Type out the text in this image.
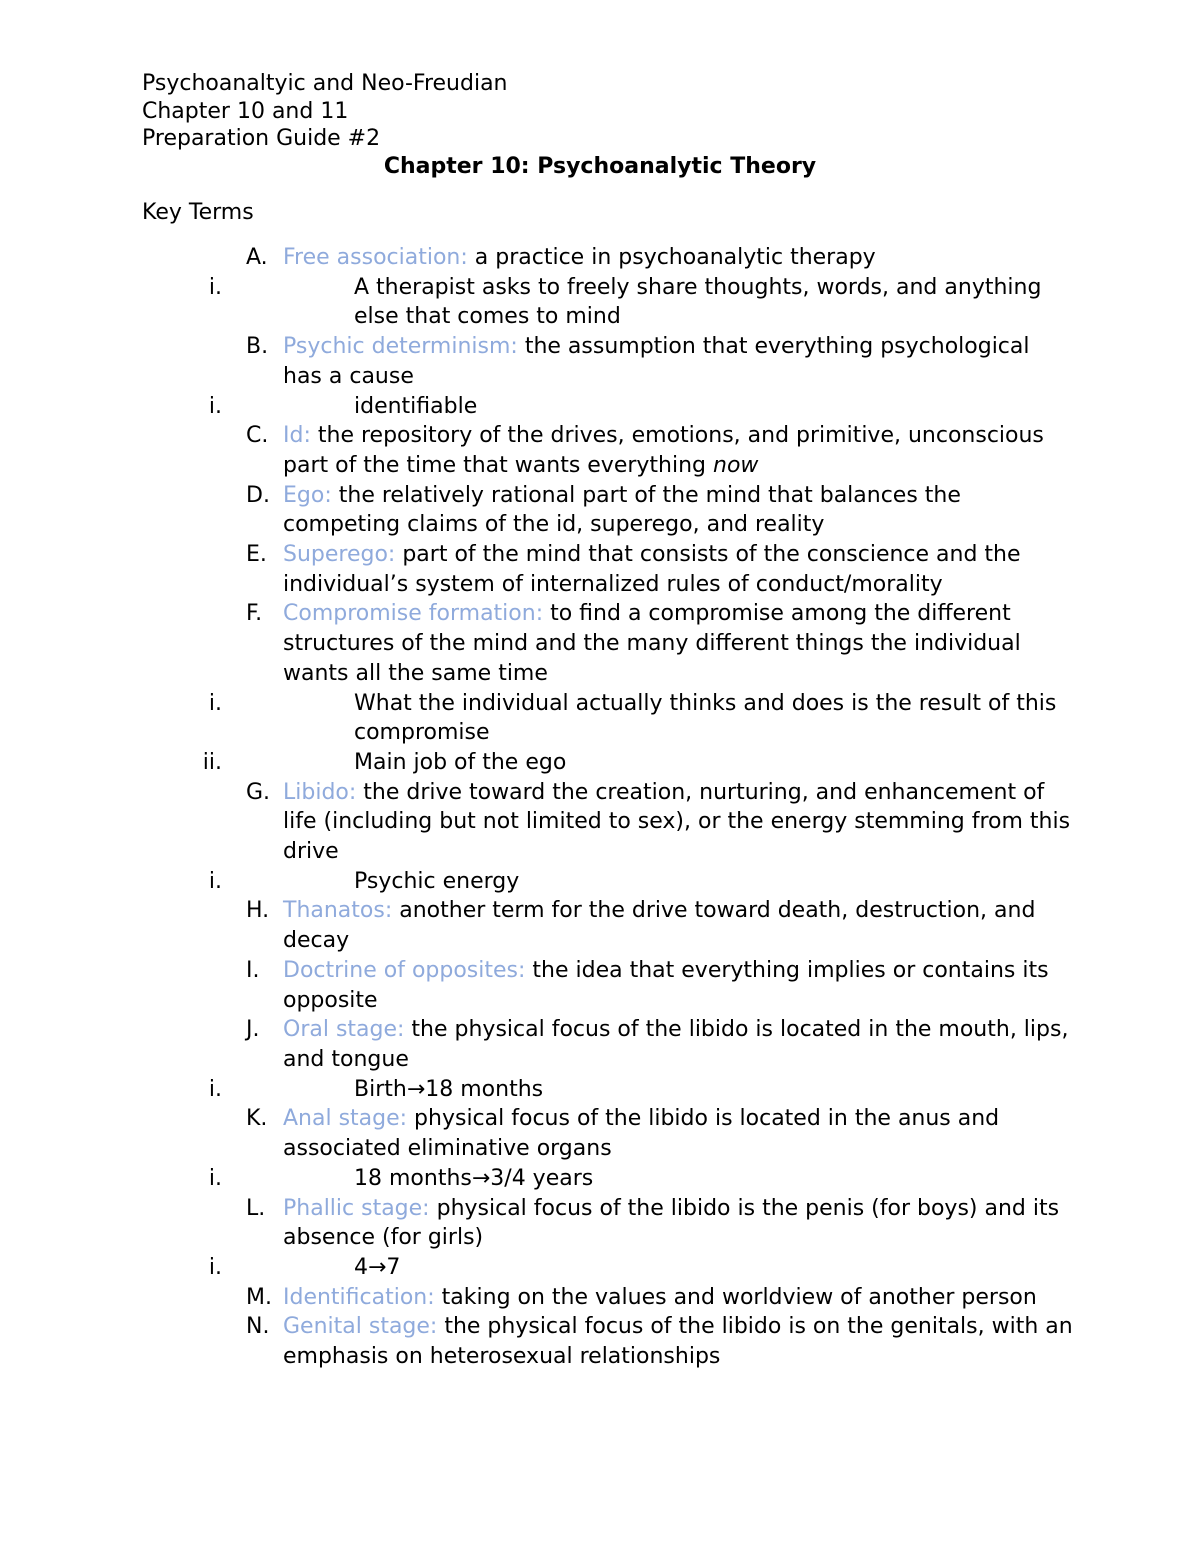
Psychoanaltyic and Neo-Freudian
Chapter 10 and 11
Preparation Guide #2
Chapter 10: Psychoanalytic Theory
Key Terms
A. Free association: a practice in psychoanalytic therapy
i.	A therapist asks to freely share thoughts, words, and anything else that comes to mind
B. Psychic determinism: the assumption that everything psychological has a cause
i.	identifiable
C. Id: the repository of the drives, emotions, and primitive, unconscious part of the time that wants everything now
D. Ego: the relatively rational part of the mind that balances the competing claims of the id, superego, and reality
E. Superego: part of the mind that consists of the conscience and the individual’s system of internalized rules of conduct/morality
F. Compromise formation: to find a compromise among the different structures of the mind and the many different things the individual wants all the same time
i.	What the individual actually thinks and does is the result of this compromise
ii.	Main job of the ego
G. Libido: the drive toward the creation, nurturing, and enhancement of life (including but not limited to sex), or the energy stemming from this drive
i.	Psychic energy
H. Thanatos: another term for the drive toward death, destruction, and decay
I. Doctrine of opposites: the idea that everything implies or contains its opposite
J. Oral stage: the physical focus of the libido is located in the mouth, lips, and tongue
i.	Birth→18 months
K. Anal stage: physical focus of the libido is located in the anus and associated eliminative organs
i.	18 months→3/4 years
L. Phallic stage: physical focus of the libido is the penis (for boys) and its absence (for girls)
i.	4→7
M. Identification: taking on the values and worldview of another person
N. Genital stage: the physical focus of the libido is on the genitals, with an emphasis on heterosexual relationships
